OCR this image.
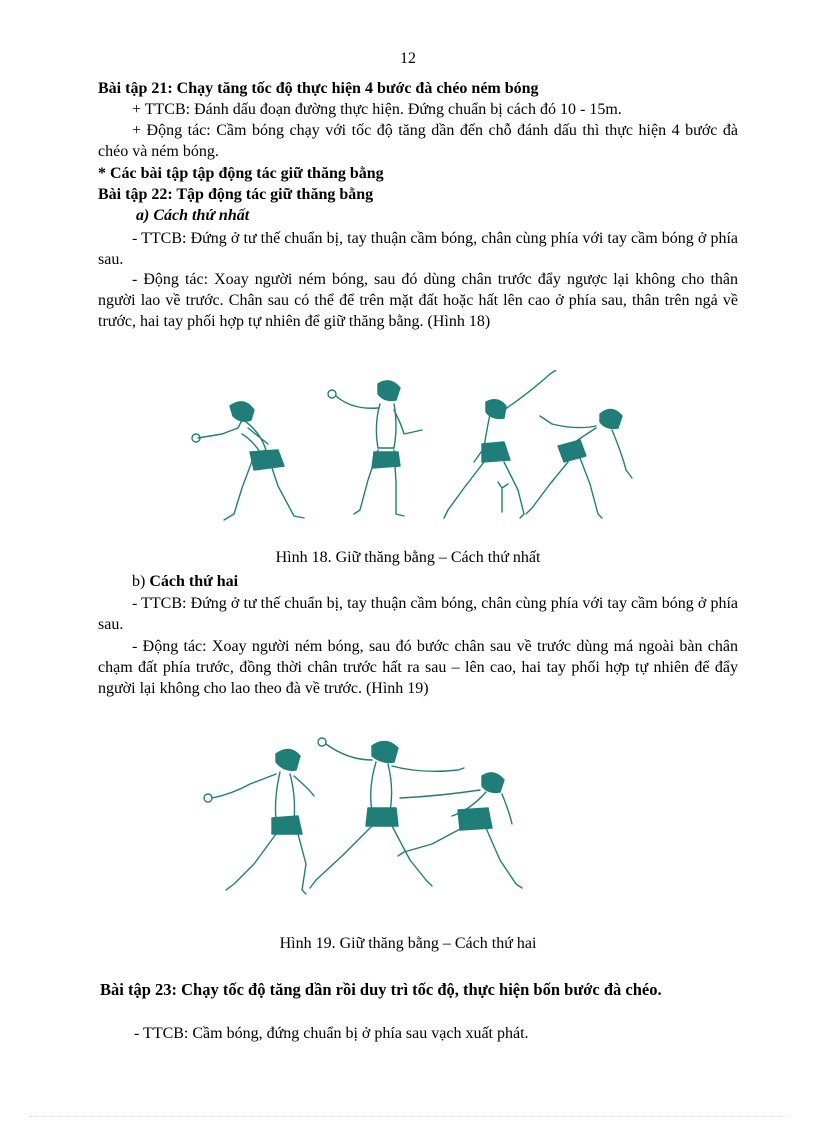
12
Bài tập 21: Chạy tăng tốc độ thực hiện 4 bước đà chéo ném bóng
+ TTCB: Đánh dấu đoạn đường thực hiện. Đứng chuẩn bị cách đó 10 - 15m.
+ Động tác: Cầm bóng chạy với tốc độ tăng dần đến chỗ đánh dấu thì thực hiện 4 bước đà chéo và ném bóng.
* Các bài tập tập động tác giữ thăng bằng
Bài tập 22: Tập động tác giữ thăng bằng
a) Cách thứ nhất
- TTCB: Đứng ở tư thế chuẩn bị, tay thuận cầm bóng, chân cùng phía với tay cầm bóng ở phía sau.
- Động tác: Xoay người ném bóng, sau đó dùng chân trước đẩy ngược lại không cho thân người lao về trước. Chân sau có thể để trên mặt đất hoặc hất lên cao ở phía sau, thân trên ngả về trước, hai tay phối hợp tự nhiên để giữ thăng bằng. (Hình 18)
Hình 18. Giữ thăng bằng – Cách thứ nhất
b) Cách thứ hai
- TTCB: Đứng ở tư thế chuẩn bị, tay thuận cầm bóng, chân cùng phía với tay cầm bóng ở phía sau.
- Động tác: Xoay người ném bóng, sau đó bước chân sau về trước dùng má ngoài bàn chân chạm đất phía trước, đồng thời chân trước hất ra sau – lên cao, hai tay phối hợp tự nhiên để đẩy người lại không cho lao theo đà về trước. (Hình 19)
Hình 19. Giữ thăng bằng – Cách thứ hai
Bài tập 23: Chạy tốc độ tăng dần rồi duy trì tốc độ, thực hiện bốn bước đà chéo.
- TTCB: Cầm bóng, đứng chuẩn bị ở phía sau vạch xuất phát.
